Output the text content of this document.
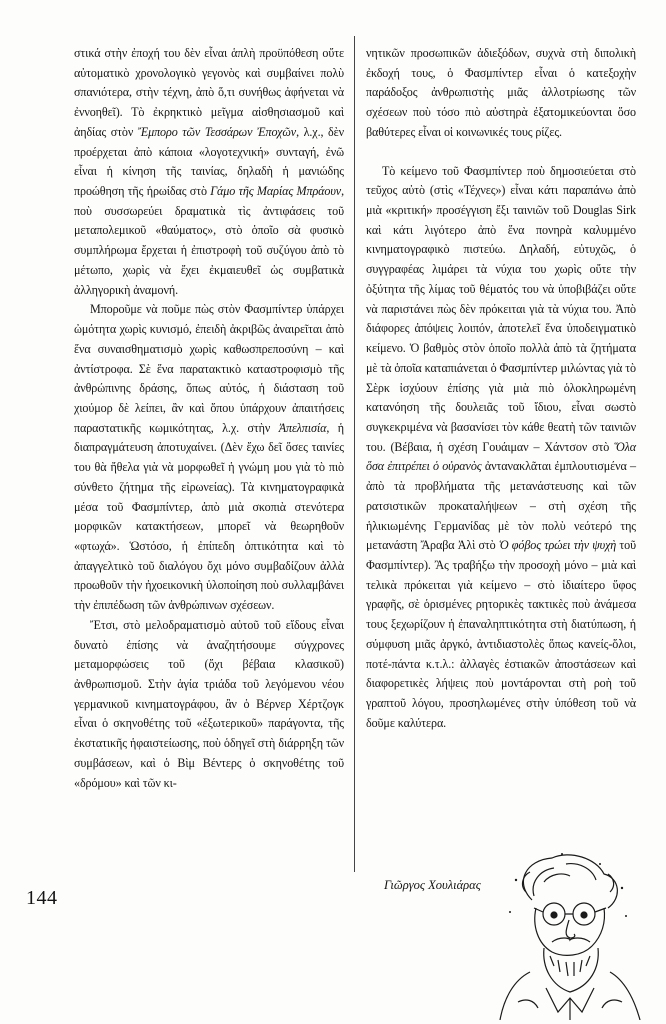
στικά στὴν ἐποχή του δὲν εἶναι ἁπλὴ προϋπόθεση οὔτε αὐτοματικὸ χρονολογικὸ γεγονὸς καὶ συμβαίνει πολὺ σπανιότερα, στὴν τέχνη, ἀπὸ ὅ,τι συνήθως ἀφήνεται νὰ ἐννοηθεῖ). Τὸ ἐκρηκτικὸ μεῖγμα αἰσθησιασμοῦ καὶ ἀηδίας στὸν Ἔμπορο τῶν Τεσσάρων Ἐποχῶν, λ.χ., δὲν προέρχεται ἀπὸ κάποια «λογοτεχνική» συνταγή, ἐνῶ εἶναι ἡ κίνηση τῆς ταινίας, δηλαδὴ ἡ μανιώδης προώθηση τῆς ἡρωίδας στὸ Γάμο τῆς Μαρίας Μπράουν, ποὺ συσσωρεύει δραματικὰ τὶς ἀντιφάσεις τοῦ μεταπολεμικοῦ «θαύματος», στὸ ὁποῖο σὰ φυσικὸ συμπλήρωμα ἔρχεται ἡ ἐπιστροφὴ τοῦ συζύγου ἀπὸ τὸ μέτωπο, χωρὶς νὰ ἔχει ἐκμαιευθεῖ ὡς συμβατικὰ ἀλληγορικὴ ἀναμονή.

Μποροῦμε νὰ ποῦμε πὼς στὸν Φασμπίντερ ὑπάρχει ὠμότητα χωρὶς κυνισμό, ἐπειδὴ ἀκριβῶς ἀναιρεῖται ἀπὸ ἕνα συναισθηματισμὸ χωρὶς καθωσπρεποσύνη – καὶ ἀντίστροφα. Σὲ ἕνα παρατακτικὸ καταστροφισμὸ τῆς ἀνθρώπινης δράσης, ὅπως αὐτός, ἡ διάσταση τοῦ χιούμορ δὲ λείπει, ἂν καὶ ὅπου ὑπάρχουν ἀπαιτήσεις παραστατικῆς κωμικότητας, λ.χ. στὴν Ἀπελπισία, ἡ διαπραγμάτευση ἀποτυχαίνει. (Δὲν ἔχω δεῖ ὅσες ταινίες του θὰ ἤθελα γιὰ νὰ μορφωθεῖ ἡ γνώμη μου γιὰ τὸ πιὸ σύνθετο ζήτημα τῆς εἰρωνείας). Τὰ κινηματογραφικὰ μέσα τοῦ Φασμπίντερ, ἀπὸ μιὰ σκοπιὰ στενότερα μορφικῶν κατακτήσεων, μπορεῖ νὰ θεωρηθοῦν «φτωχά». Ὡστόσο, ἡ ἐπίπεδη ὀπτικότητα καὶ τὸ ἀπαγγελτικὸ τοῦ διαλόγου ὄχι μόνο συμβαδίζουν ἀλλὰ προωθοῦν τὴν ἠχοεικονικὴ ὑλοποίηση ποὺ συλλαμβάνει τὴν ἐπιπέδωση τῶν ἀνθρώπινων σχέσεων.

Ἔτσι, στὸ μελοδραματισμὸ αὐτοῦ τοῦ εἴδους εἶναι δυνατὸ ἐπίσης νὰ ἀναζητήσουμε σύγχρονες μεταμορφώσεις τοῦ (ὄχι βέβαια κλασικοῦ) ἀνθρωπισμοῦ. Στὴν ἁγία τριάδα τοῦ λεγόμενου νέου γερμανικοῦ κινηματογράφου, ἂν ὁ Βέρνερ Χέρτζογκ εἶναι ὁ σκηνοθέτης τοῦ «ἐξωτερικοῦ» παράγοντα, τῆς ἐκστατικῆς ἡφαιστείωσης, ποὺ ὁδηγεῖ στὴ διάρρηξη τῶν συμβάσεων, καὶ ὁ Βὶμ Βέντερς ὁ σκηνοθέτης τοῦ «δρόμου» καὶ τῶν κι-

νητικῶν προσωπικῶν ἀδιεξόδων, συχνὰ στὴ διπολικὴ ἐκδοχή τους, ὁ Φασμπίντερ εἶναι ὁ κατεξοχὴν παράδοξος ἀνθρωπιστὴς μιᾶς ἀλλοτρίωσης τῶν σχέσεων ποὺ τόσο πιὸ αὐστηρὰ ἐξατομικεύονται ὅσο βαθύτερες εἶναι οἱ κοινωνικές τους ρίζες.

Τὸ κείμενο τοῦ Φασμπίντερ ποὺ δημοσιεύεται στὸ τεῦχος αὐτὸ (στὶς «Τέχνες») εἶναι κάτι παραπάνω ἀπὸ μιὰ «κριτική» προσέγγιση ἔξι ταινιῶν τοῦ Douglas Sirk καὶ κάτι λιγότερο ἀπὸ ἕνα πονηρὰ καλυμμένο κινηματογραφικὸ πιστεύω. Δηλαδή, εὐτυχῶς, ὁ συγγραφέας λιμάρει τὰ νύχια του χωρὶς οὔτε τὴν ὀξύτητα τῆς λίμας τοῦ θέματός του νὰ ὑποβιβάζει οὔτε νὰ παριστάνει πὼς δὲν πρόκειται γιὰ τὰ νύχια του. Ἀπὸ διάφορες ἀπόψεις λοιπόν, ἀποτελεῖ ἕνα ὑποδειγματικὸ κείμενο. Ὁ βαθμὸς στὸν ὁποῖο πολλὰ ἀπὸ τὰ ζητήματα μὲ τὰ ὁποῖα καταπιάνεται ὁ Φασμπίντερ μιλώντας γιὰ τὸ Σὲρκ ἰσχύουν ἐπίσης γιὰ μιὰ πιὸ ὁλοκληρωμένη κατανόηση τῆς δουλειᾶς τοῦ ἴδιου, εἶναι σωστὸ συγκεκριμένα νὰ βασανίσει τὸν κάθε θεατὴ τῶν ταινιῶν του. (Βέβαια, ἡ σχέση Γουάιμαν – Χάντσον στὸ Ὅλα ὅσα ἐπιτρέπει ὁ οὐρανὸς ἀντανακλᾶται ἐμπλουτισμένα – ἀπὸ τὰ προβλήματα τῆς μετανάστευσης καὶ τῶν ρατσιστικῶν προκαταλήψεων – στὴ σχέση τῆς ἡλικιωμένης Γερμανίδας μὲ τὸν πολὺ νεότερό της μετανάστη Ἄραβα Ἀλὶ στὸ Ὁ φόβος τρώει τὴν ψυχὴ τοῦ Φασμπίντερ). Ἂς τραβήξω τὴν προσοχὴ μόνο – μιὰ καὶ τελικὰ πρόκειται γιὰ κείμενο – στὸ ἰδιαίτερο ὕφος γραφῆς, σὲ ὁρισμένες ρητορικὲς τακτικὲς ποὺ ἀνάμεσα τους ξεχωρίζουν ἡ ἐπαναληπτικότητα στὴ διατύπωση, ἡ σύμφυση μιᾶς ἀργκό, ἀντιδιαστολὲς ὅπως κανείς-ὅλοι, ποτέ-πάντα κ.τ.λ.: ἀλλαγὲς ἐστιακῶν ἀποστάσεων καὶ διαφορετικὲς λήψεις ποὺ μοντάρονται στὴ ροὴ τοῦ γραπτοῦ λόγου, προσηλωμένες στὴν ὑπόθεση τοῦ νὰ δοῦμε καλύτερα.

144
Γιῶργος Χουλιάρας
